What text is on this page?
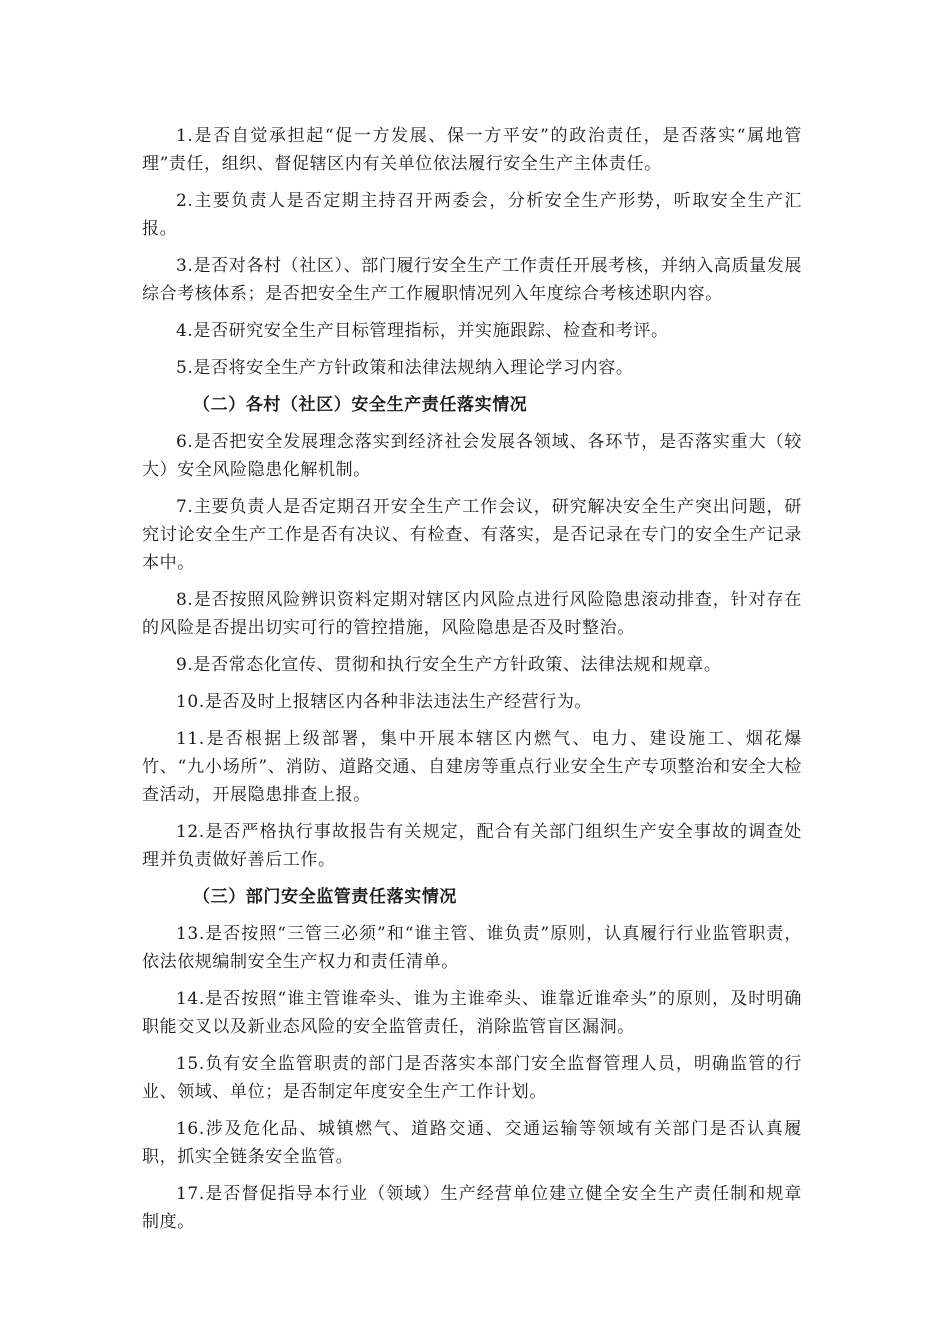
1.是否自觉承担起“促一方发展、保一方平安”的政治责任，是否落实“属地管理”责任，组织、督促辖区内有关单位依法履行安全生产主体责任。

2.主要负责人是否定期主持召开两委会，分析安全生产形势，听取安全生产汇报。

3.是否对各村（社区）、部门履行安全生产工作责任开展考核，并纳入高质量发展综合考核体系；是否把安全生产工作履职情况列入年度综合考核述职内容。

4.是否研究安全生产目标管理指标，并实施跟踪、检查和考评。

5.是否将安全生产方针政策和法律法规纳入理论学习内容。

（二）各村（社区）安全生产责任落实情况

6.是否把安全发展理念落实到经济社会发展各领域、各环节，是否落实重大（较大）安全风险隐患化解机制。

7.主要负责人是否定期召开安全生产工作会议，研究解决安全生产突出问题，研究讨论安全生产工作是否有决议、有检查、有落实，是否记录在专门的安全生产记录本中。

8.是否按照风险辨识资料定期对辖区内风险点进行风险隐患滚动排查，针对存在的风险是否提出切实可行的管控措施，风险隐患是否及时整治。

9.是否常态化宣传、贯彻和执行安全生产方针政策、法律法规和规章。

10.是否及时上报辖区内各种非法违法生产经营行为。

11.是否根据上级部署，集中开展本辖区内燃气、电力、建设施工、烟花爆竹、“九小场所”、消防、道路交通、自建房等重点行业安全生产专项整治和安全大检查活动，开展隐患排查上报。

12.是否严格执行事故报告有关规定，配合有关部门组织生产安全事故的调查处理并负责做好善后工作。

（三）部门安全监管责任落实情况

13.是否按照“三管三必须”和“谁主管、谁负责”原则，认真履行行业监管职责，依法依规编制安全生产权力和责任清单。

14.是否按照“谁主管谁牵头、谁为主谁牵头、谁靠近谁牵头”的原则，及时明确职能交叉以及新业态风险的安全监管责任，消除监管盲区漏洞。

15.负有安全监管职责的部门是否落实本部门安全监督管理人员，明确监管的行业、领域、单位；是否制定年度安全生产工作计划。

16.涉及危化品、城镇燃气、道路交通、交通运输等领域有关部门是否认真履职，抓实全链条安全监管。

17.是否督促指导本行业（领域）生产经营单位建立健全安全生产责任制和规章制度。
